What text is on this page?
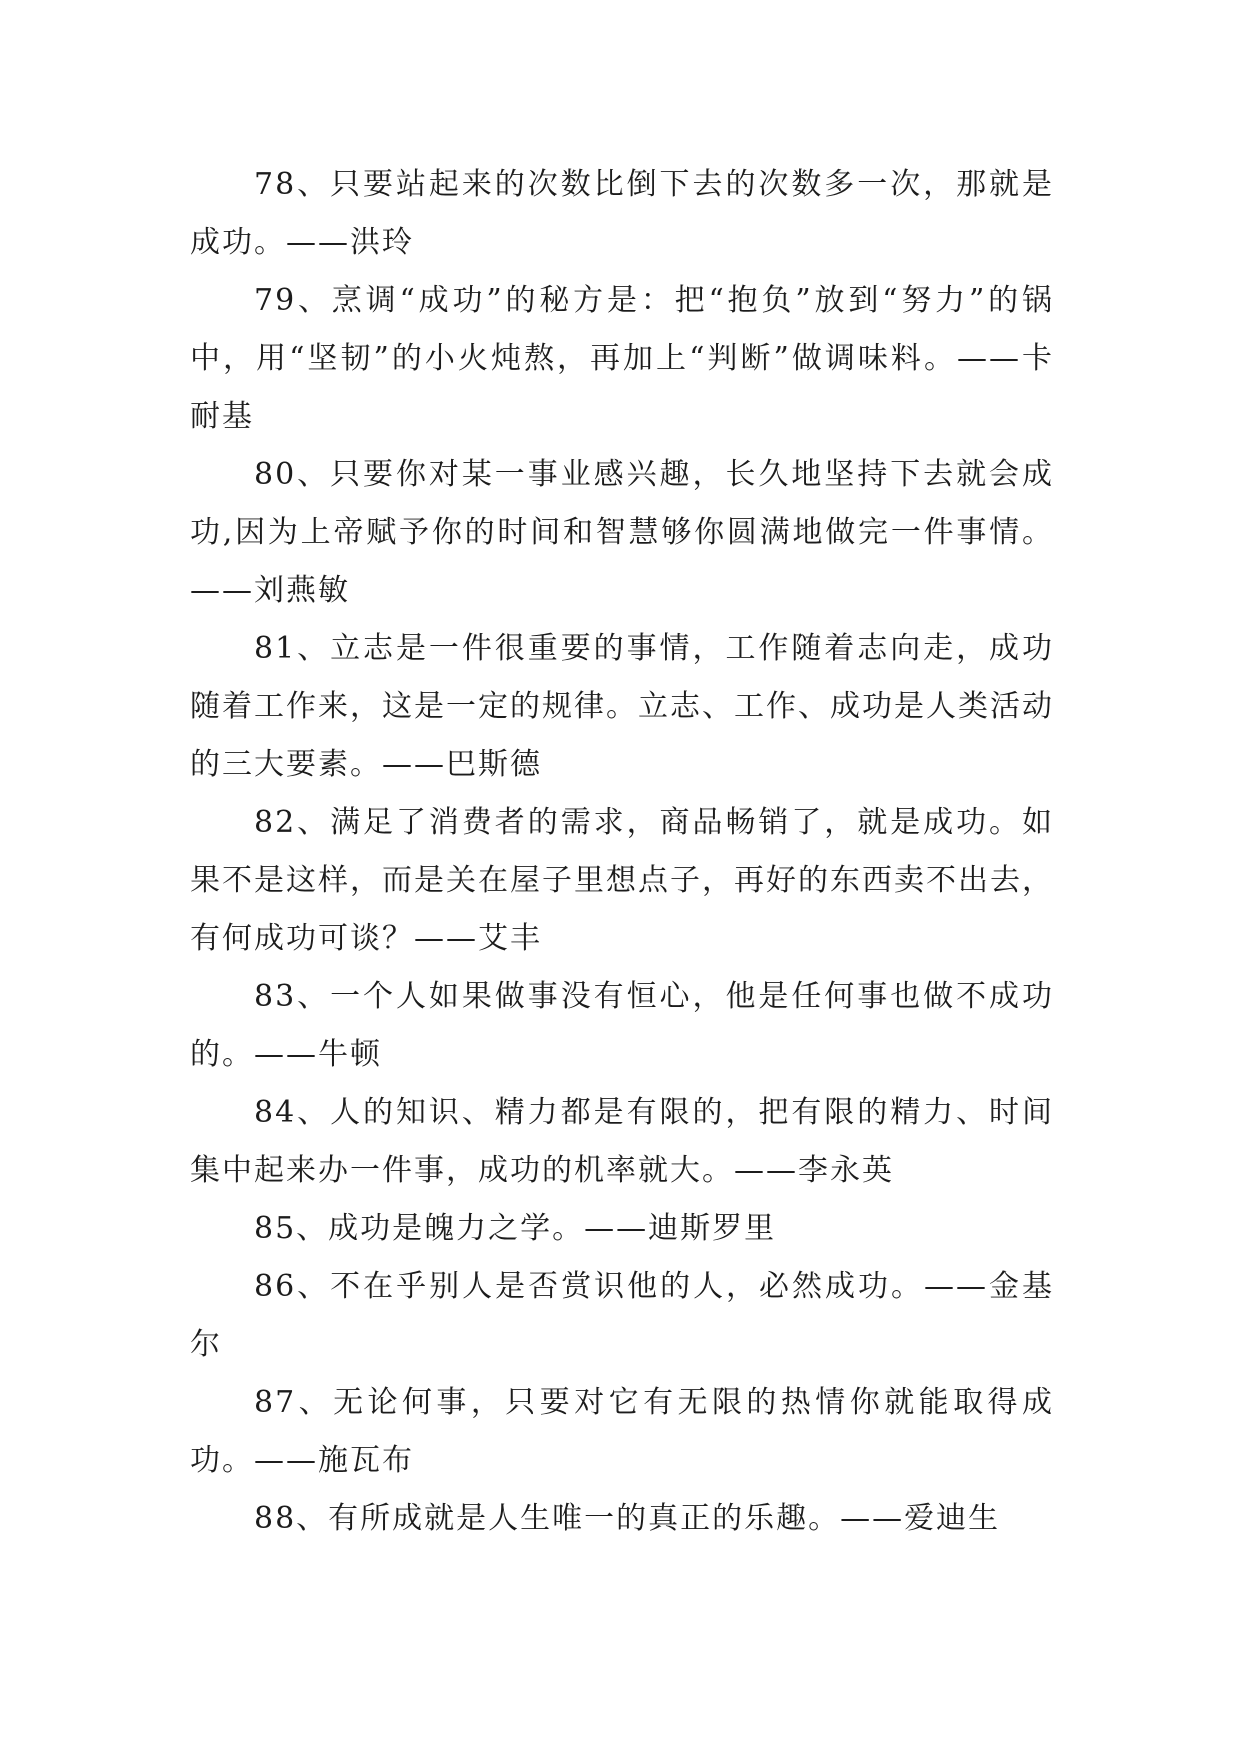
78、只要站起来的次数比倒下去的次数多一次，那就是成功。——洪玲

79、烹调“成功”的秘方是：把“抱负”放到“努力”的锅中，用“坚韧”的小火炖熬，再加上“判断”做调味料。——卡耐基

80、只要你对某一事业感兴趣，长久地坚持下去就会成功,因为上帝赋予你的时间和智慧够你圆满地做完一件事情。——刘燕敏

81、立志是一件很重要的事情，工作随着志向走，成功随着工作来，这是一定的规律。立志、工作、成功是人类活动的三大要素。——巴斯德

82、满足了消费者的需求，商品畅销了，就是成功。如果不是这样，而是关在屋子里想点子，再好的东西卖不出去，有何成功可谈？——艾丰

83、一个人如果做事没有恒心，他是任何事也做不成功的。——牛顿

84、人的知识、精力都是有限的，把有限的精力、时间集中起来办一件事，成功的机率就大。——李永英

85、成功是魄力之学。——迪斯罗里

86、不在乎别人是否赏识他的人，必然成功。——金基尔

87、无论何事，只要对它有无限的热情你就能取得成功。——施瓦布

88、有所成就是人生唯一的真正的乐趣。——爱迪生
